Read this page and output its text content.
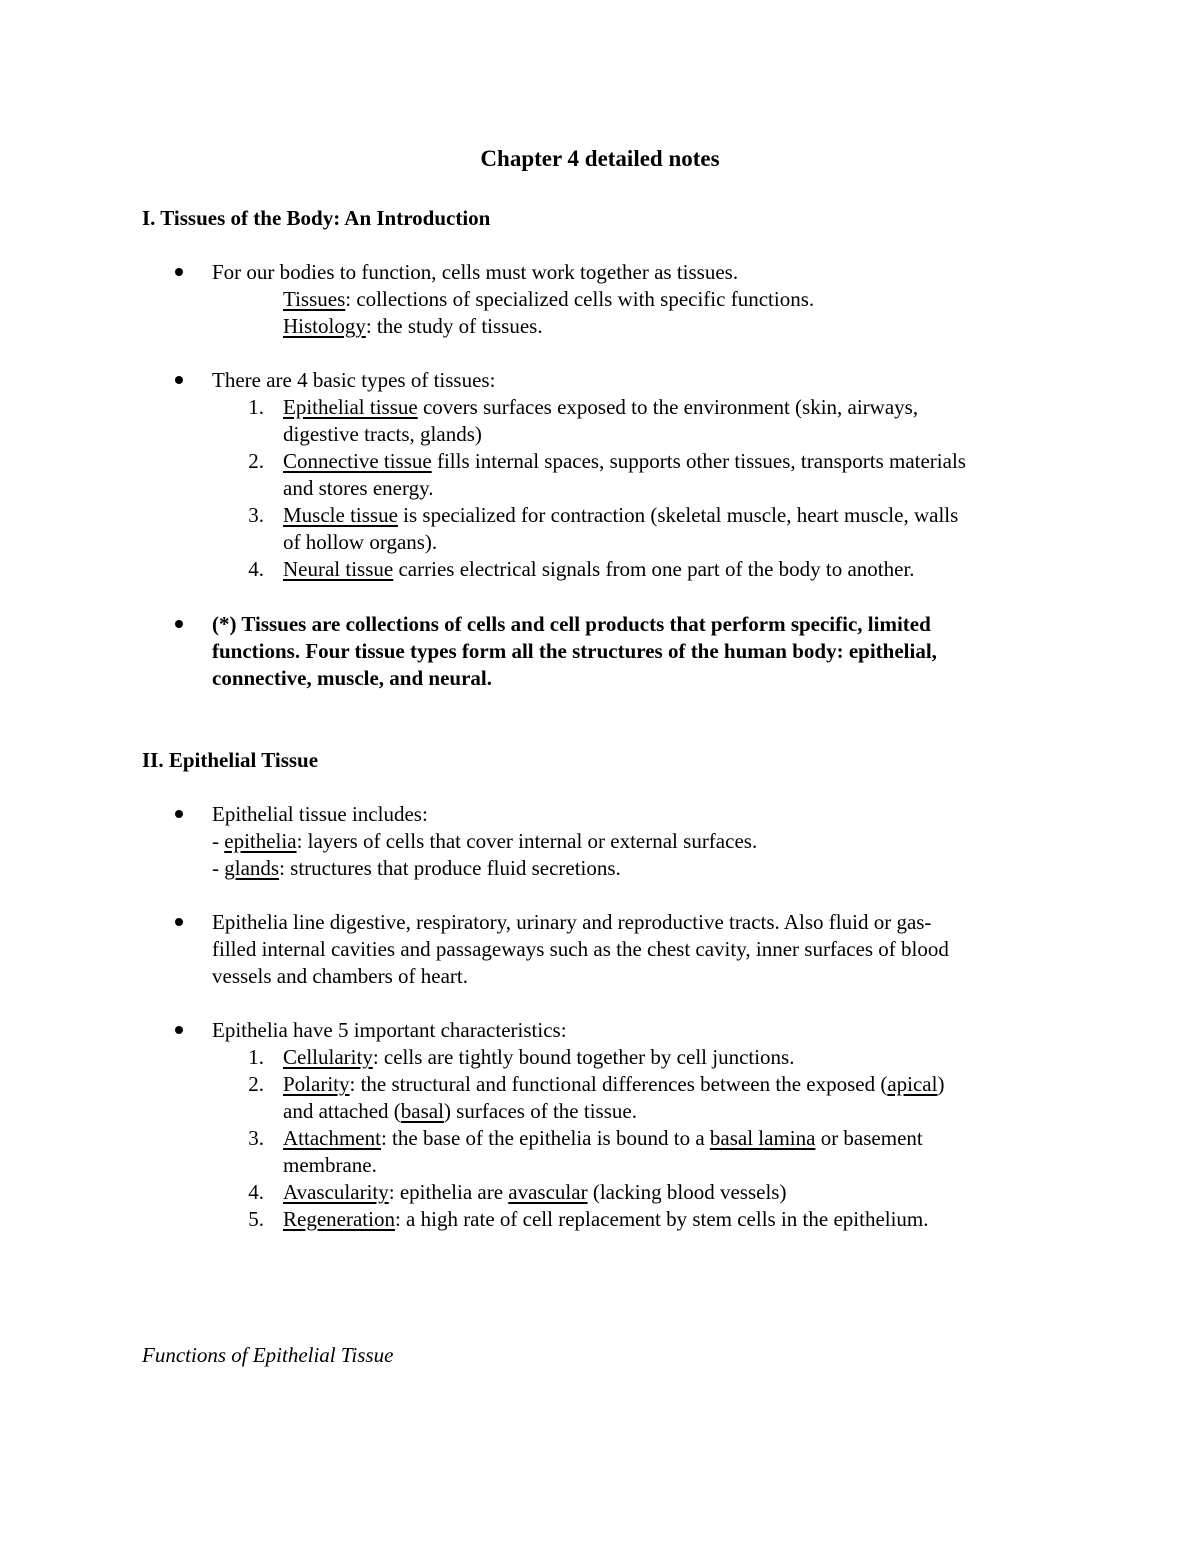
Chapter 4 detailed notes
I. Tissues of the Body: An Introduction
For our bodies to function, cells must work together as tissues.
Tissues: collections of specialized cells with specific functions.
Histology: the study of tissues.
There are 4 basic types of tissues:
1. Epithelial tissue covers surfaces exposed to the environment (skin, airways,
digestive tracts, glands)
2. Connective tissue fills internal spaces, supports other tissues, transports materials
and stores energy.
3. Muscle tissue is specialized for contraction (skeletal muscle, heart muscle, walls
of hollow organs).
4. Neural tissue carries electrical signals from one part of the body to another.
(*) Tissues are collections of cells and cell products that perform specific, limited
functions. Four tissue types form all the structures of the human body: epithelial,
connective, muscle, and neural.
II. Epithelial Tissue
Epithelial tissue includes:
- epithelia: layers of cells that cover internal or external surfaces.
- glands: structures that produce fluid secretions.
Epithelia line digestive, respiratory, urinary and reproductive tracts. Also fluid or gas-
filled internal cavities and passageways such as the chest cavity, inner surfaces of blood
vessels and chambers of heart.
Epithelia have 5 important characteristics:
1. Cellularity: cells are tightly bound together by cell junctions.
2. Polarity: the structural and functional differences between the exposed (apical)
and attached (basal) surfaces of the tissue.
3. Attachment: the base of the epithelia is bound to a basal lamina or basement
membrane.
4. Avascularity: epithelia are avascular (lacking blood vessels)
5. Regeneration: a high rate of cell replacement by stem cells in the epithelium.
Functions of Epithelial Tissue
